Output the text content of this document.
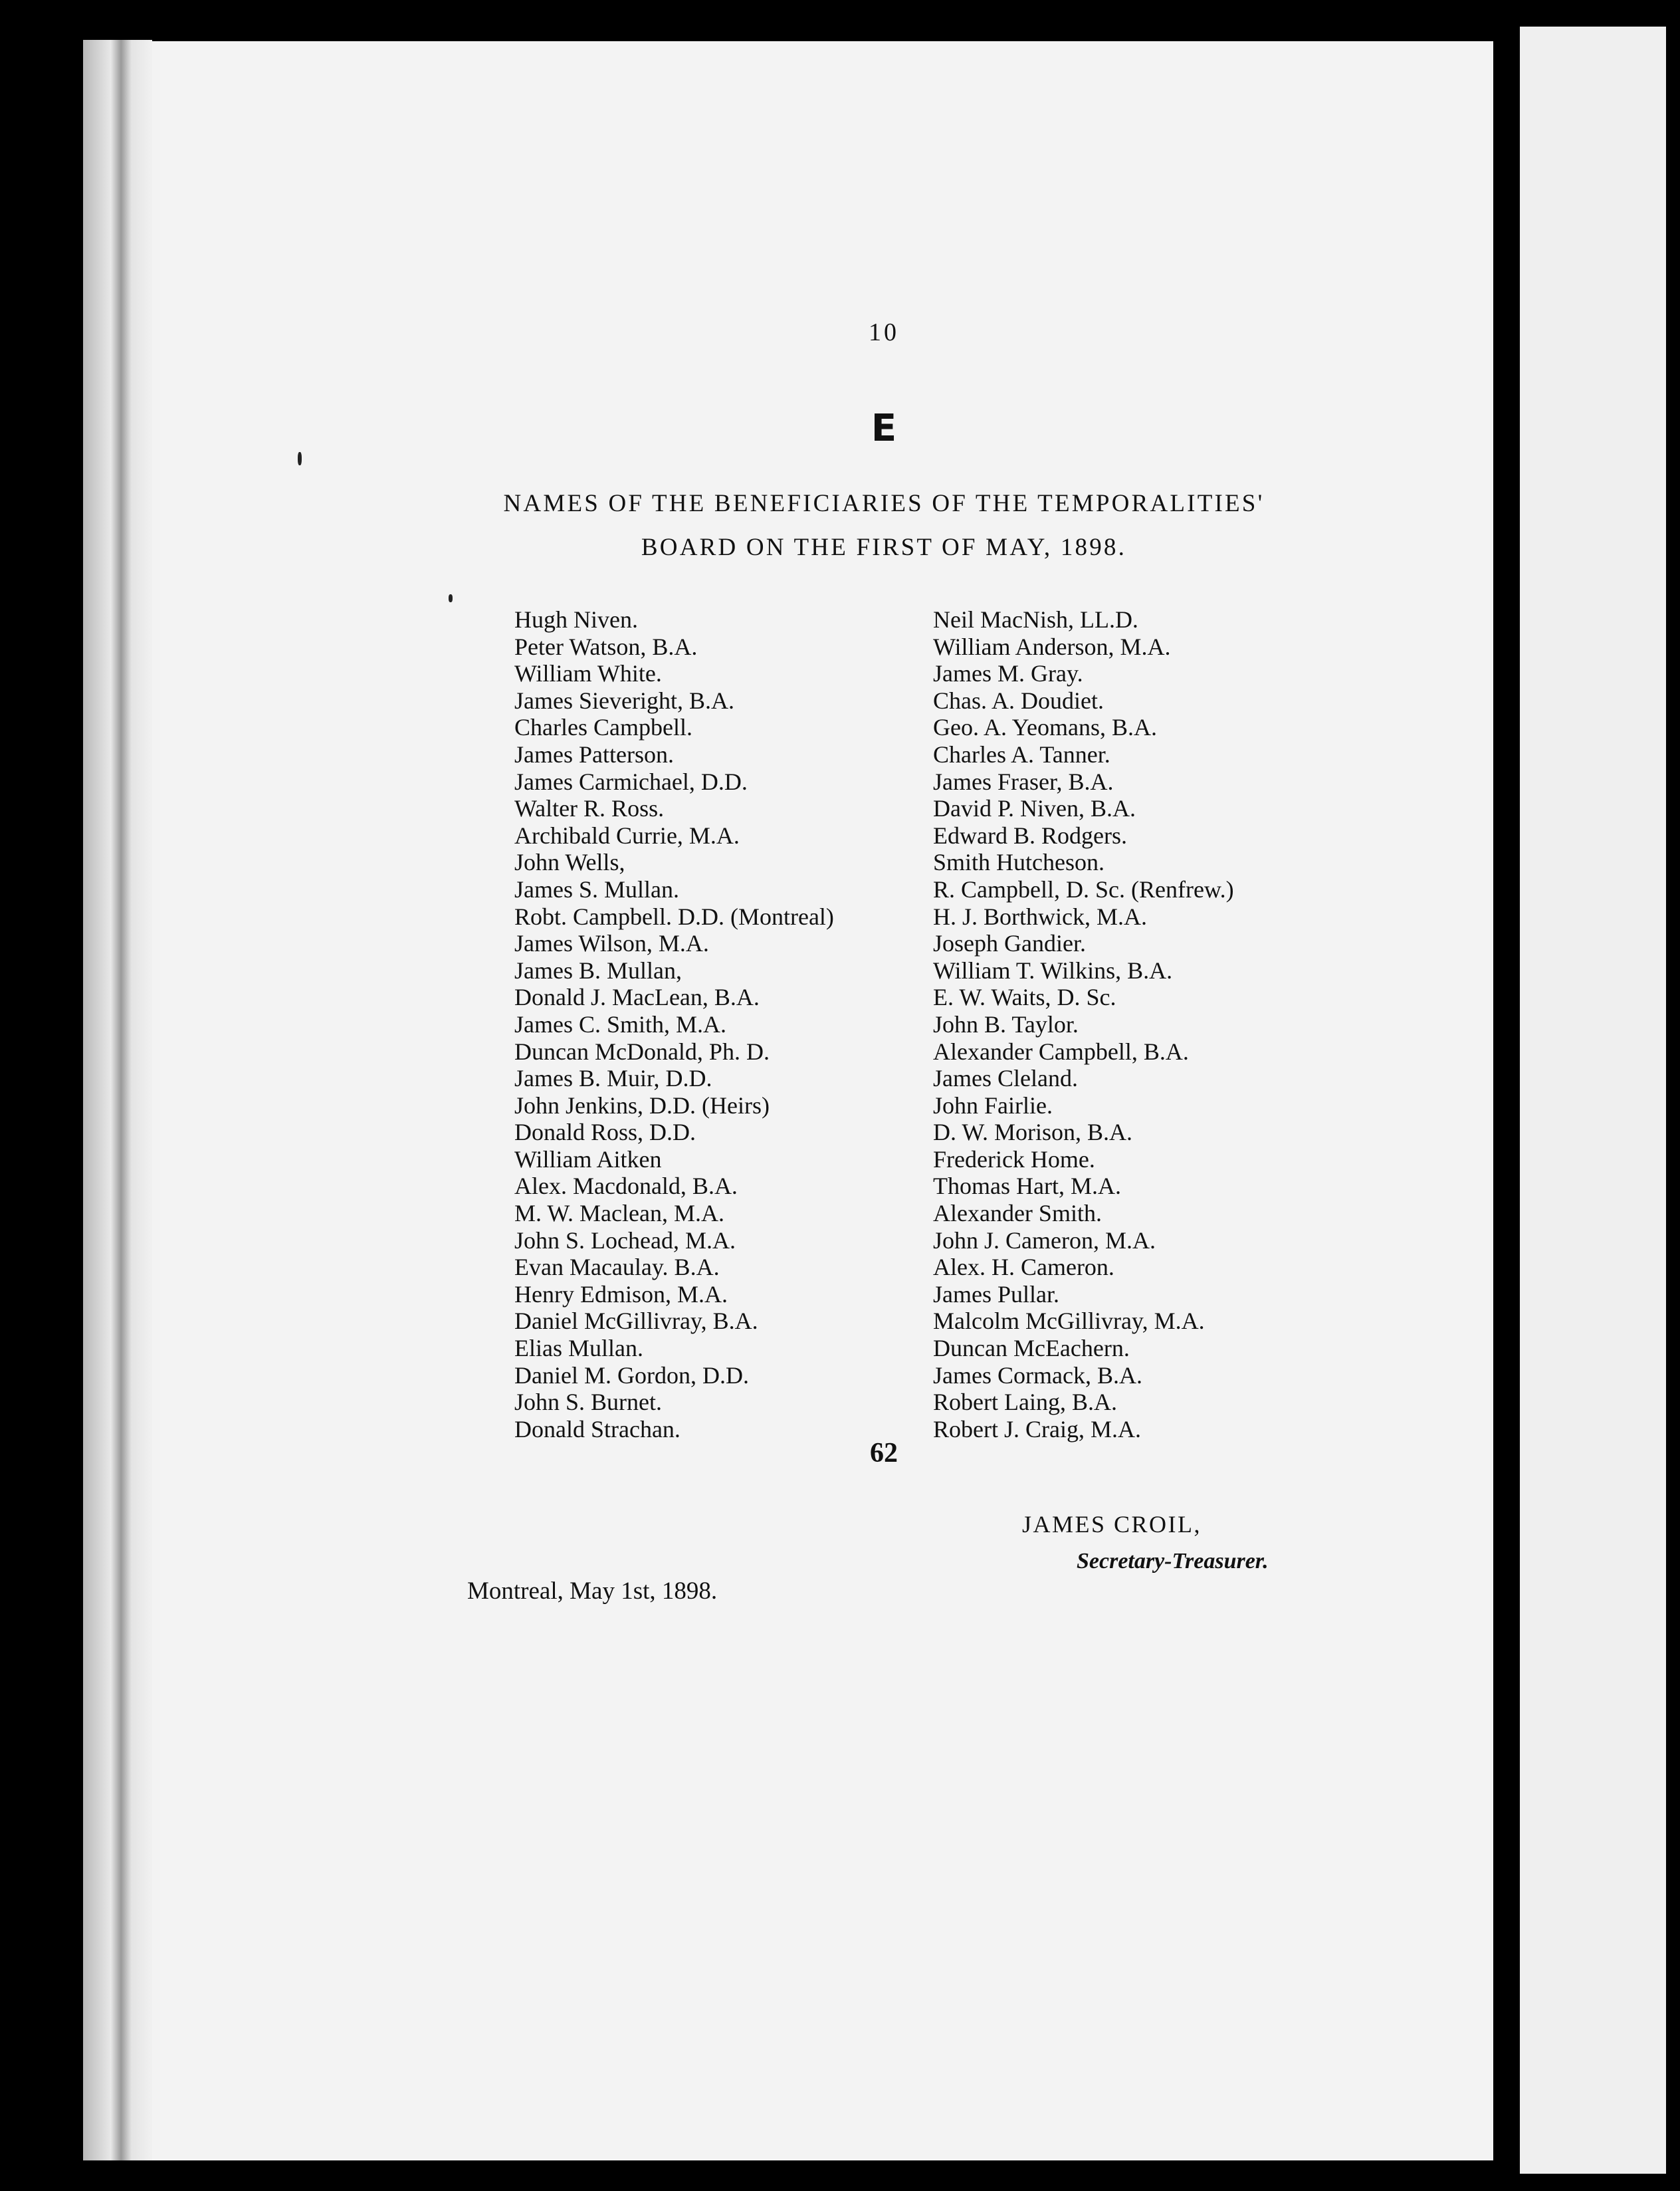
10
E
NAMES OF THE BENEFICIARIES OF THE TEMPORALITIES'
BOARD ON THE FIRST OF MAY, 1898.
Hugh Niven.
Peter Watson, B.A.
William White.
James Sieveright, B.A.
Charles Campbell.
James Patterson.
James Carmichael, D.D.
Walter R. Ross.
Archibald Currie, M.A.
John Wells,
James S. Mullan.
Robt. Campbell. D.D. (Montreal)
James Wilson, M.A.
James B. Mullan,
Donald J. MacLean, B.A.
James C. Smith, M.A.
Duncan McDonald, Ph. D.
James B. Muir, D.D.
John Jenkins, D.D. (Heirs)
Donald Ross, D.D.
William Aitken
Alex. Macdonald, B.A.
M. W. Maclean, M.A.
John S. Lochead, M.A.
Evan Macaulay. B.A.
Henry Edmison, M.A.
Daniel McGillivray, B.A.
Elias Mullan.
Daniel M. Gordon, D.D.
John S. Burnet.
Donald Strachan.
Neil MacNish, LL.D.
William Anderson, M.A.
James M. Gray.
Chas. A. Doudiet.
Geo. A. Yeomans, B.A.
Charles A. Tanner.
James Fraser, B.A.
David P. Niven, B.A.
Edward B. Rodgers.
Smith Hutcheson.
R. Campbell, D. Sc. (Renfrew.)
H. J. Borthwick, M.A.
Joseph Gandier.
William T. Wilkins, B.A.
E. W. Waits, D. Sc.
John B. Taylor.
Alexander Campbell, B.A.
James Cleland.
John Fairlie.
D. W. Morison, B.A.
Frederick Home.
Thomas Hart, M.A.
Alexander Smith.
John J. Cameron, M.A.
Alex. H. Cameron.
James Pullar.
Malcolm McGillivray, M.A.
Duncan McEachern.
James Cormack, B.A.
Robert Laing, B.A.
Robert J. Craig, M.A.
62
JAMES CROIL,
Secretary-Treasurer.
Montreal, May 1st, 1898.
